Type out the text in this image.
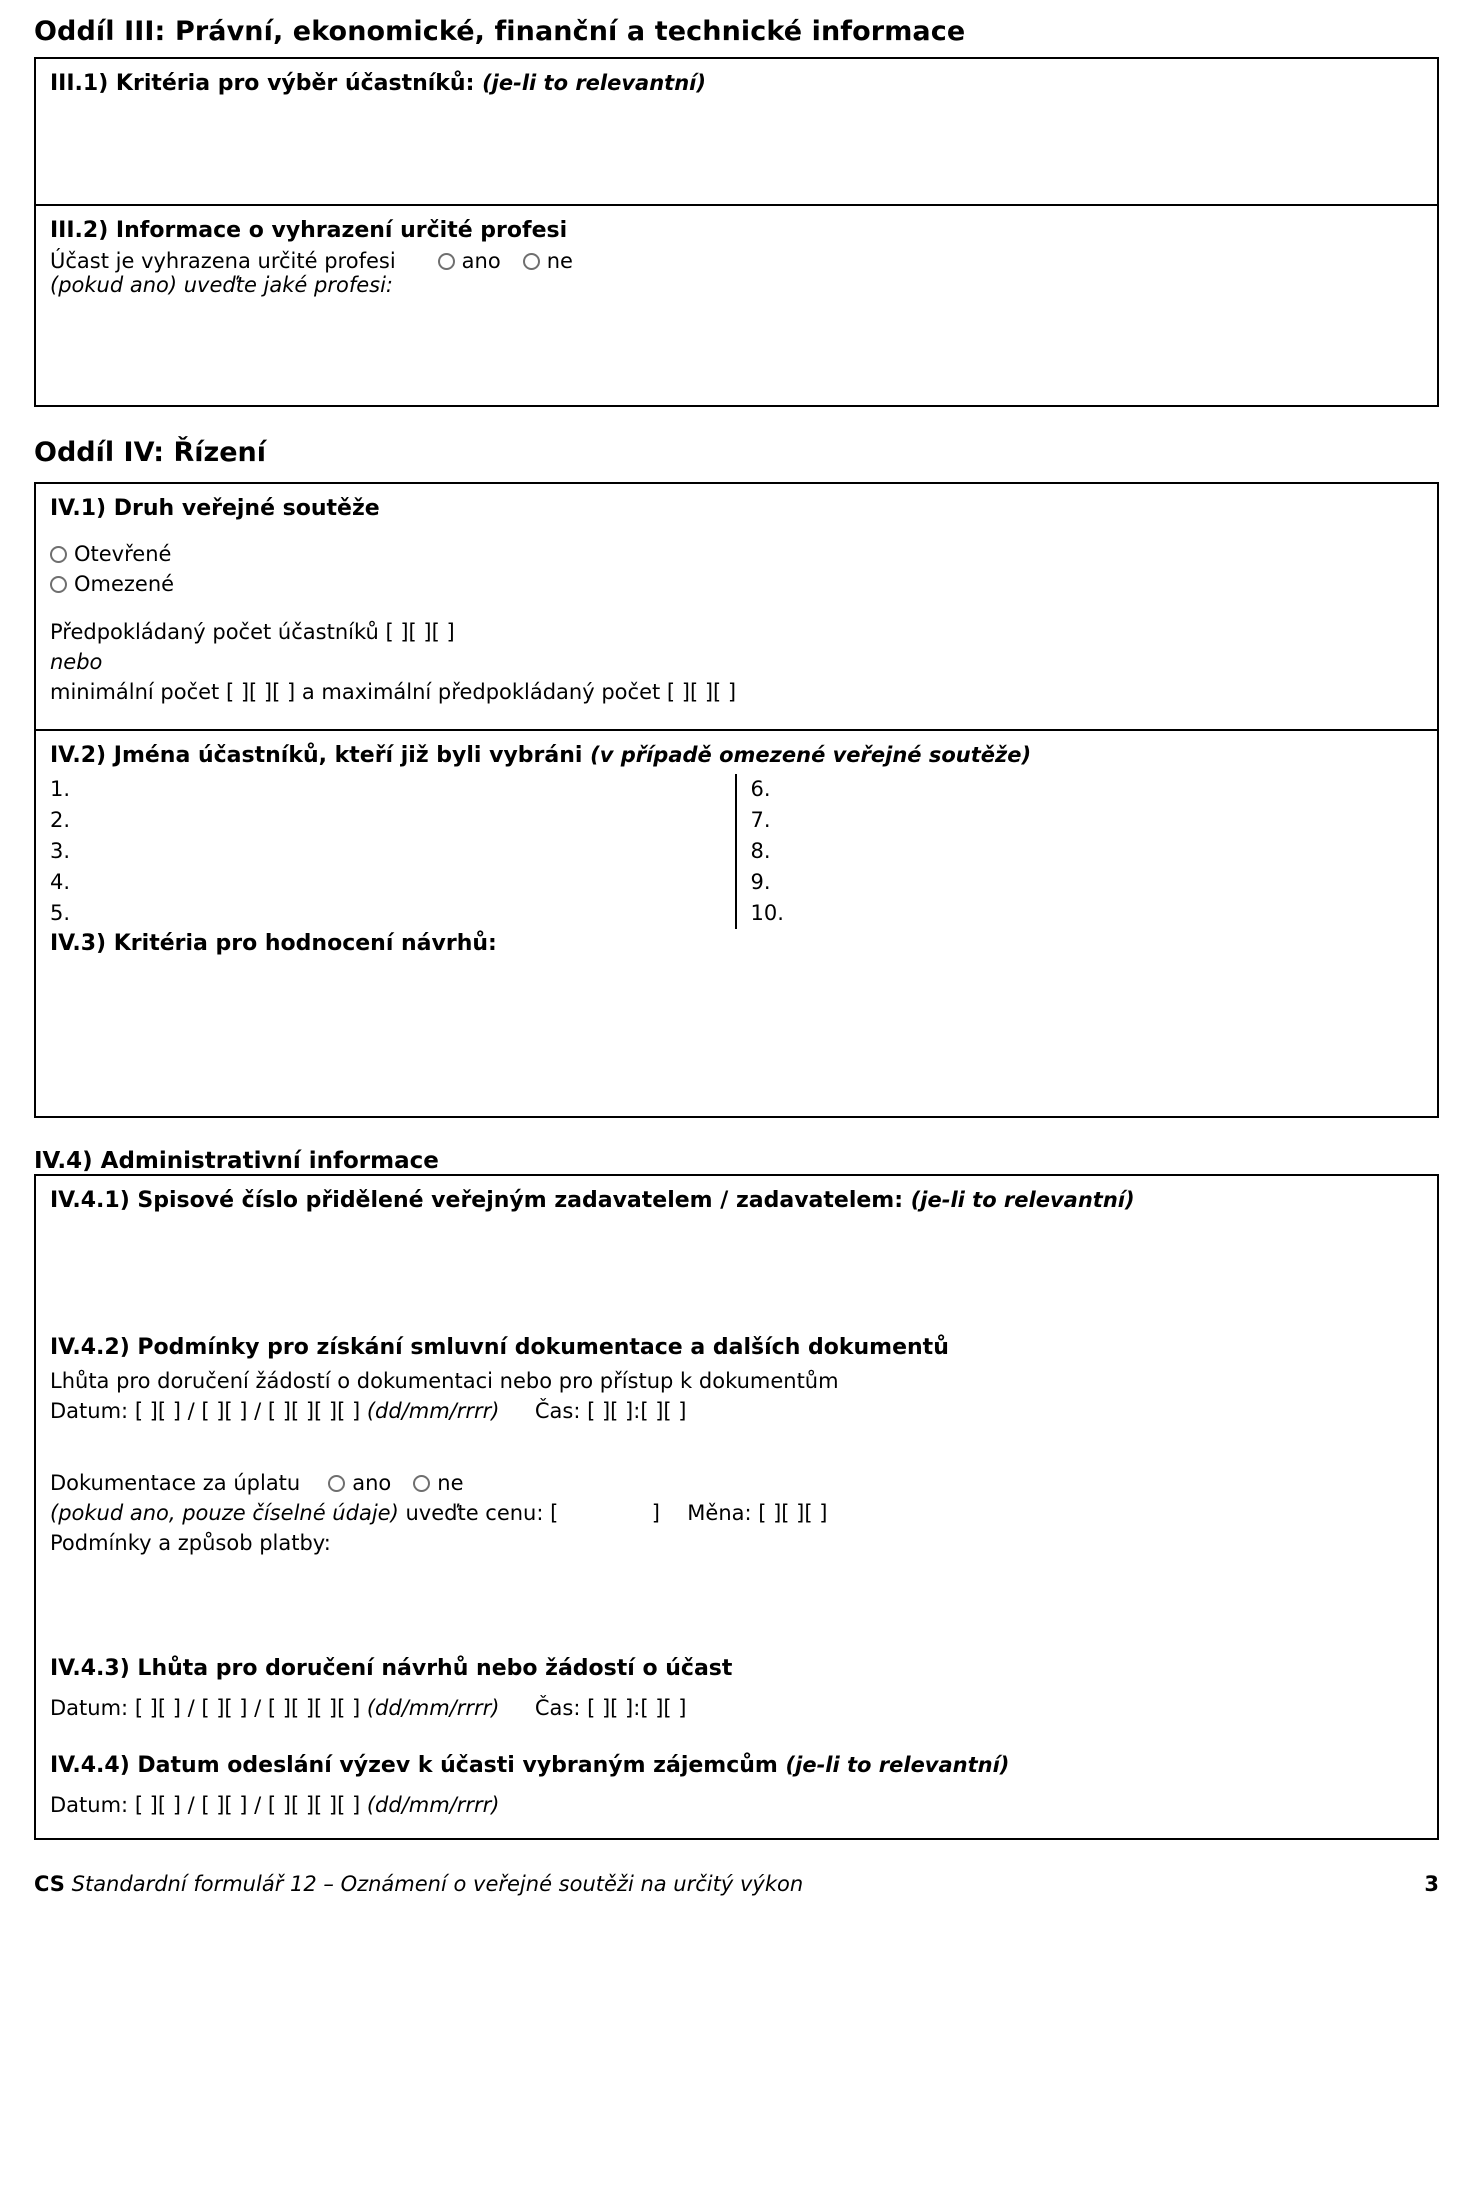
Oddíl III: Právní, ekonomické, finanční a technické informace
III.1) Kritéria pro výběr účastníků: (je-li to relevantní)
III.2) Informace o vyhrazení určité profesi
Účast je vyhrazena určité profesi	ano ne
(pokud ano) uveďte jaké profesi:
Oddíl IV: Řízení
IV.1) Druh veřejné soutěže
Otevřené
Omezené
Předpokládaný počet účastníků [ ][ ][ ]
nebo
minimální počet [ ][ ][ ] a maximální předpokládaný počet [ ][ ][ ]
IV.2) Jména účastníků, kteří již byli vybráni (v případě omezené veřejné soutěže)
1.
2.
3.
4.
5.
6.
7.
8.
9.
10.
IV.3) Kritéria pro hodnocení návrhů:
IV.4) Administrativní informace
IV.4.1) Spisové číslo přidělené veřejným zadavatelem / zadavatelem: (je-li to relevantní)
IV.4.2) Podmínky pro získání smluvní dokumentace a dalších dokumentů
Lhůta pro doručení žádostí o dokumentaci nebo pro přístup k dokumentům
Datum: [ ][ ] / [ ][ ] / [ ][ ][ ][ ] (dd/mm/rrrr) Čas: [ ][ ]:[ ][ ]
Dokumentace za úplatu ano ne
(pokud ano, pouze číselné údaje) uveďte cenu: [	] Měna: [ ][ ][ ]
Podmínky a způsob platby:
IV.4.3) Lhůta pro doručení návrhů nebo žádostí o účast
Datum: [ ][ ] / [ ][ ] / [ ][ ][ ][ ] (dd/mm/rrrr) Čas: [ ][ ]:[ ][ ]
IV.4.4) Datum odeslání výzev k účasti vybraným zájemcům (je-li to relevantní)
Datum: [ ][ ] / [ ][ ] / [ ][ ][ ][ ] (dd/mm/rrrr)
CS Standardní formulář 12 – Oznámení o veřejné soutěži na určitý výkon	3
